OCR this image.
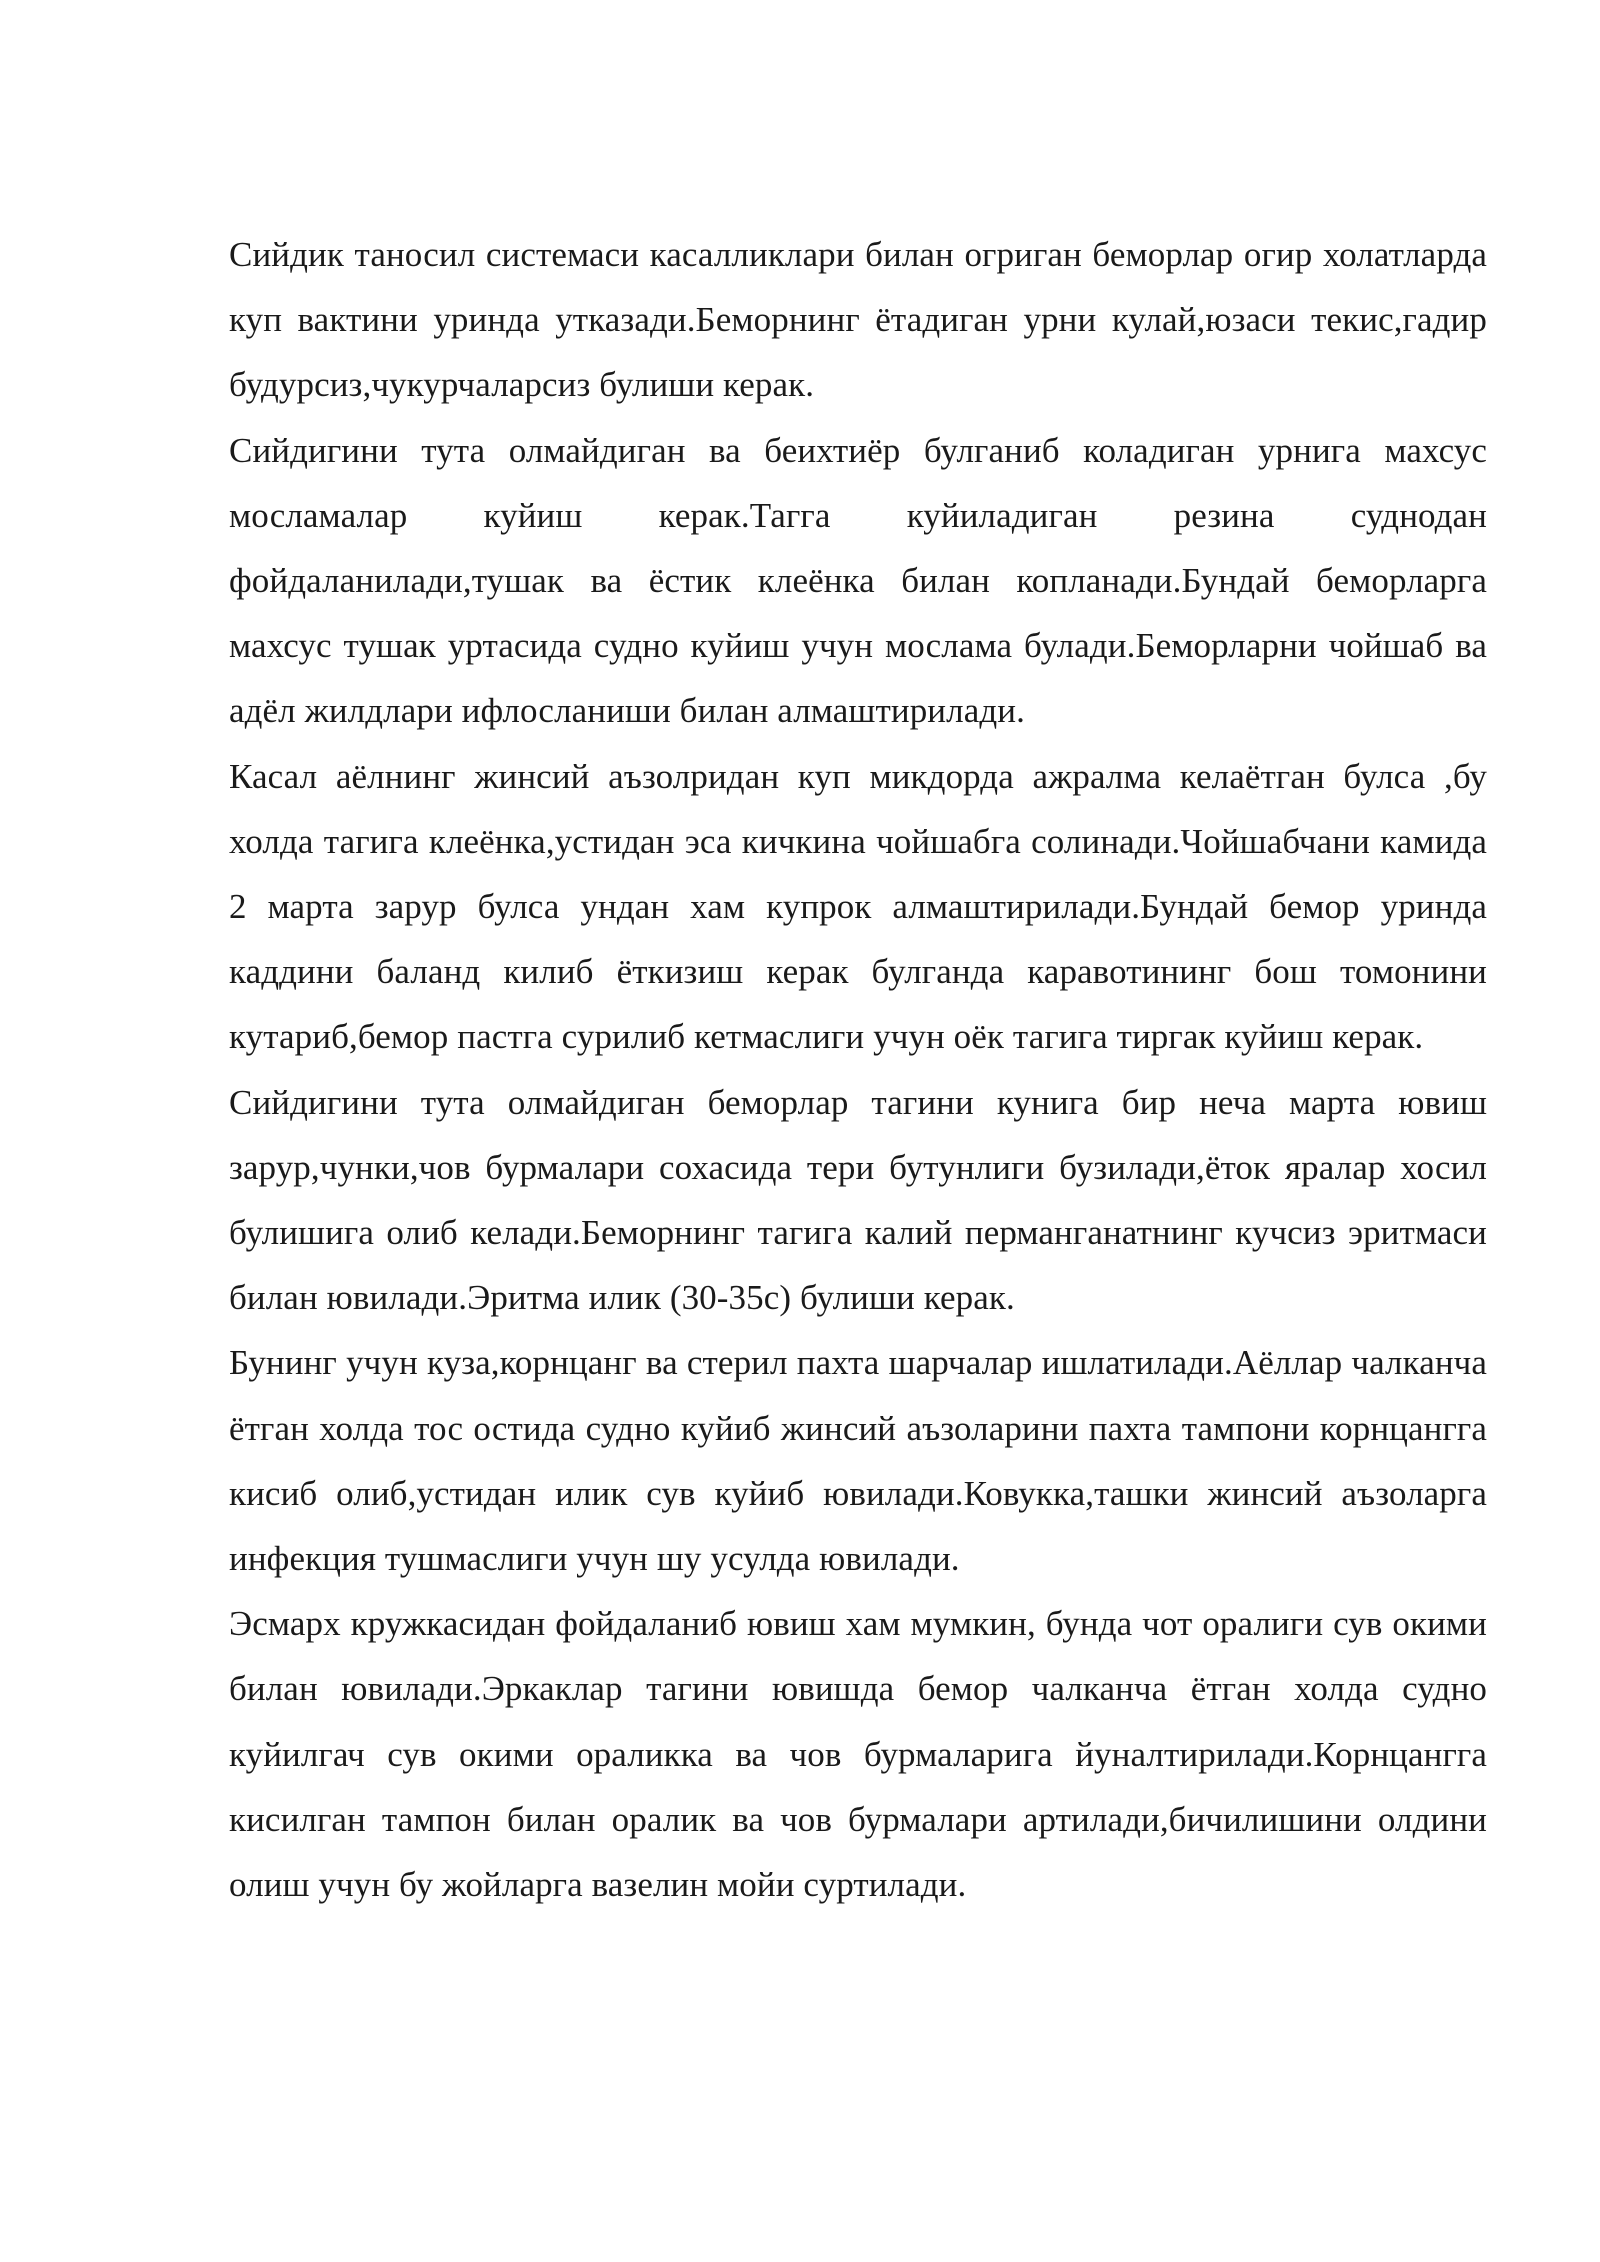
Сийдик таносил системаси касалликлари билан огриган беморлар огир холатларда куп вактини уринда утказади.Беморнинг ётадиган урни кулай,юзаси текис,гадир будурсиз,чукурчаларсиз булиши керак.

Сийдигини тута олмайдиган ва беихтиёр булганиб коладиган урнига махсус мосламалар куйиш керак.Тагга куйиладиган резина суднодан фойдаланилади,тушак ва ёстик клеёнка билан копланади.Бундай беморларга махсус тушак уртасида судно куйиш учун мослама булади.Беморларни чойшаб ва адёл жилдлари ифлосланиши билан алмаштирилади.

Касал аёлнинг жинсий аъзолридан куп микдорда ажралма келаётган булса ,бу холда тагига клеёнка,устидан эса кичкина чойшабга солинади.Чойшабчани камида 2 марта зарур булса ундан хам купрок алмаштирилади.Бундай бемор уринда каддини баланд килиб ёткизиш керак булганда каравотининг бош томонини кутариб,бемор пастга сурилиб кетмаслиги учун оёк тагига тиргак куйиш керак.

Сийдигини тута олмайдиган беморлар тагини кунига бир неча марта ювиш зарур,чунки,чов бурмалари сохасида тери бутунлиги бузилади,ёток яралар хосил булишига олиб келади.Беморнинг тагига калий перманганатнинг кучсиз эритмаси билан ювилади.Эритма илик (30-35с) булиши керак.

Бунинг учун куза,корнцанг ва стерил пахта шарчалар ишлатилади.Аёллар чалканча ётган холда тос остида судно куйиб жинсий аъзоларини пахта тампони корнцангга кисиб олиб,устидан илик сув куйиб ювилади.Ковукка,ташки жинсий аъзоларга инфекция тушмаслиги учун шу усулда ювилади.

Эсмарх кружкасидан фойдаланиб ювиш хам мумкин, бунда чот оралиги сув окими билан ювилади.Эркаклар тагини ювишда бемор чалканча ётган холда судно куйилгач сув окими ораликка ва чов бурмаларига йуналтирилади.Корнцангга кисилган тампон билан оралик ва чов бурмалари артилади,бичилишини олдини олиш учун бу жойларга вазелин мойи суртилади.
